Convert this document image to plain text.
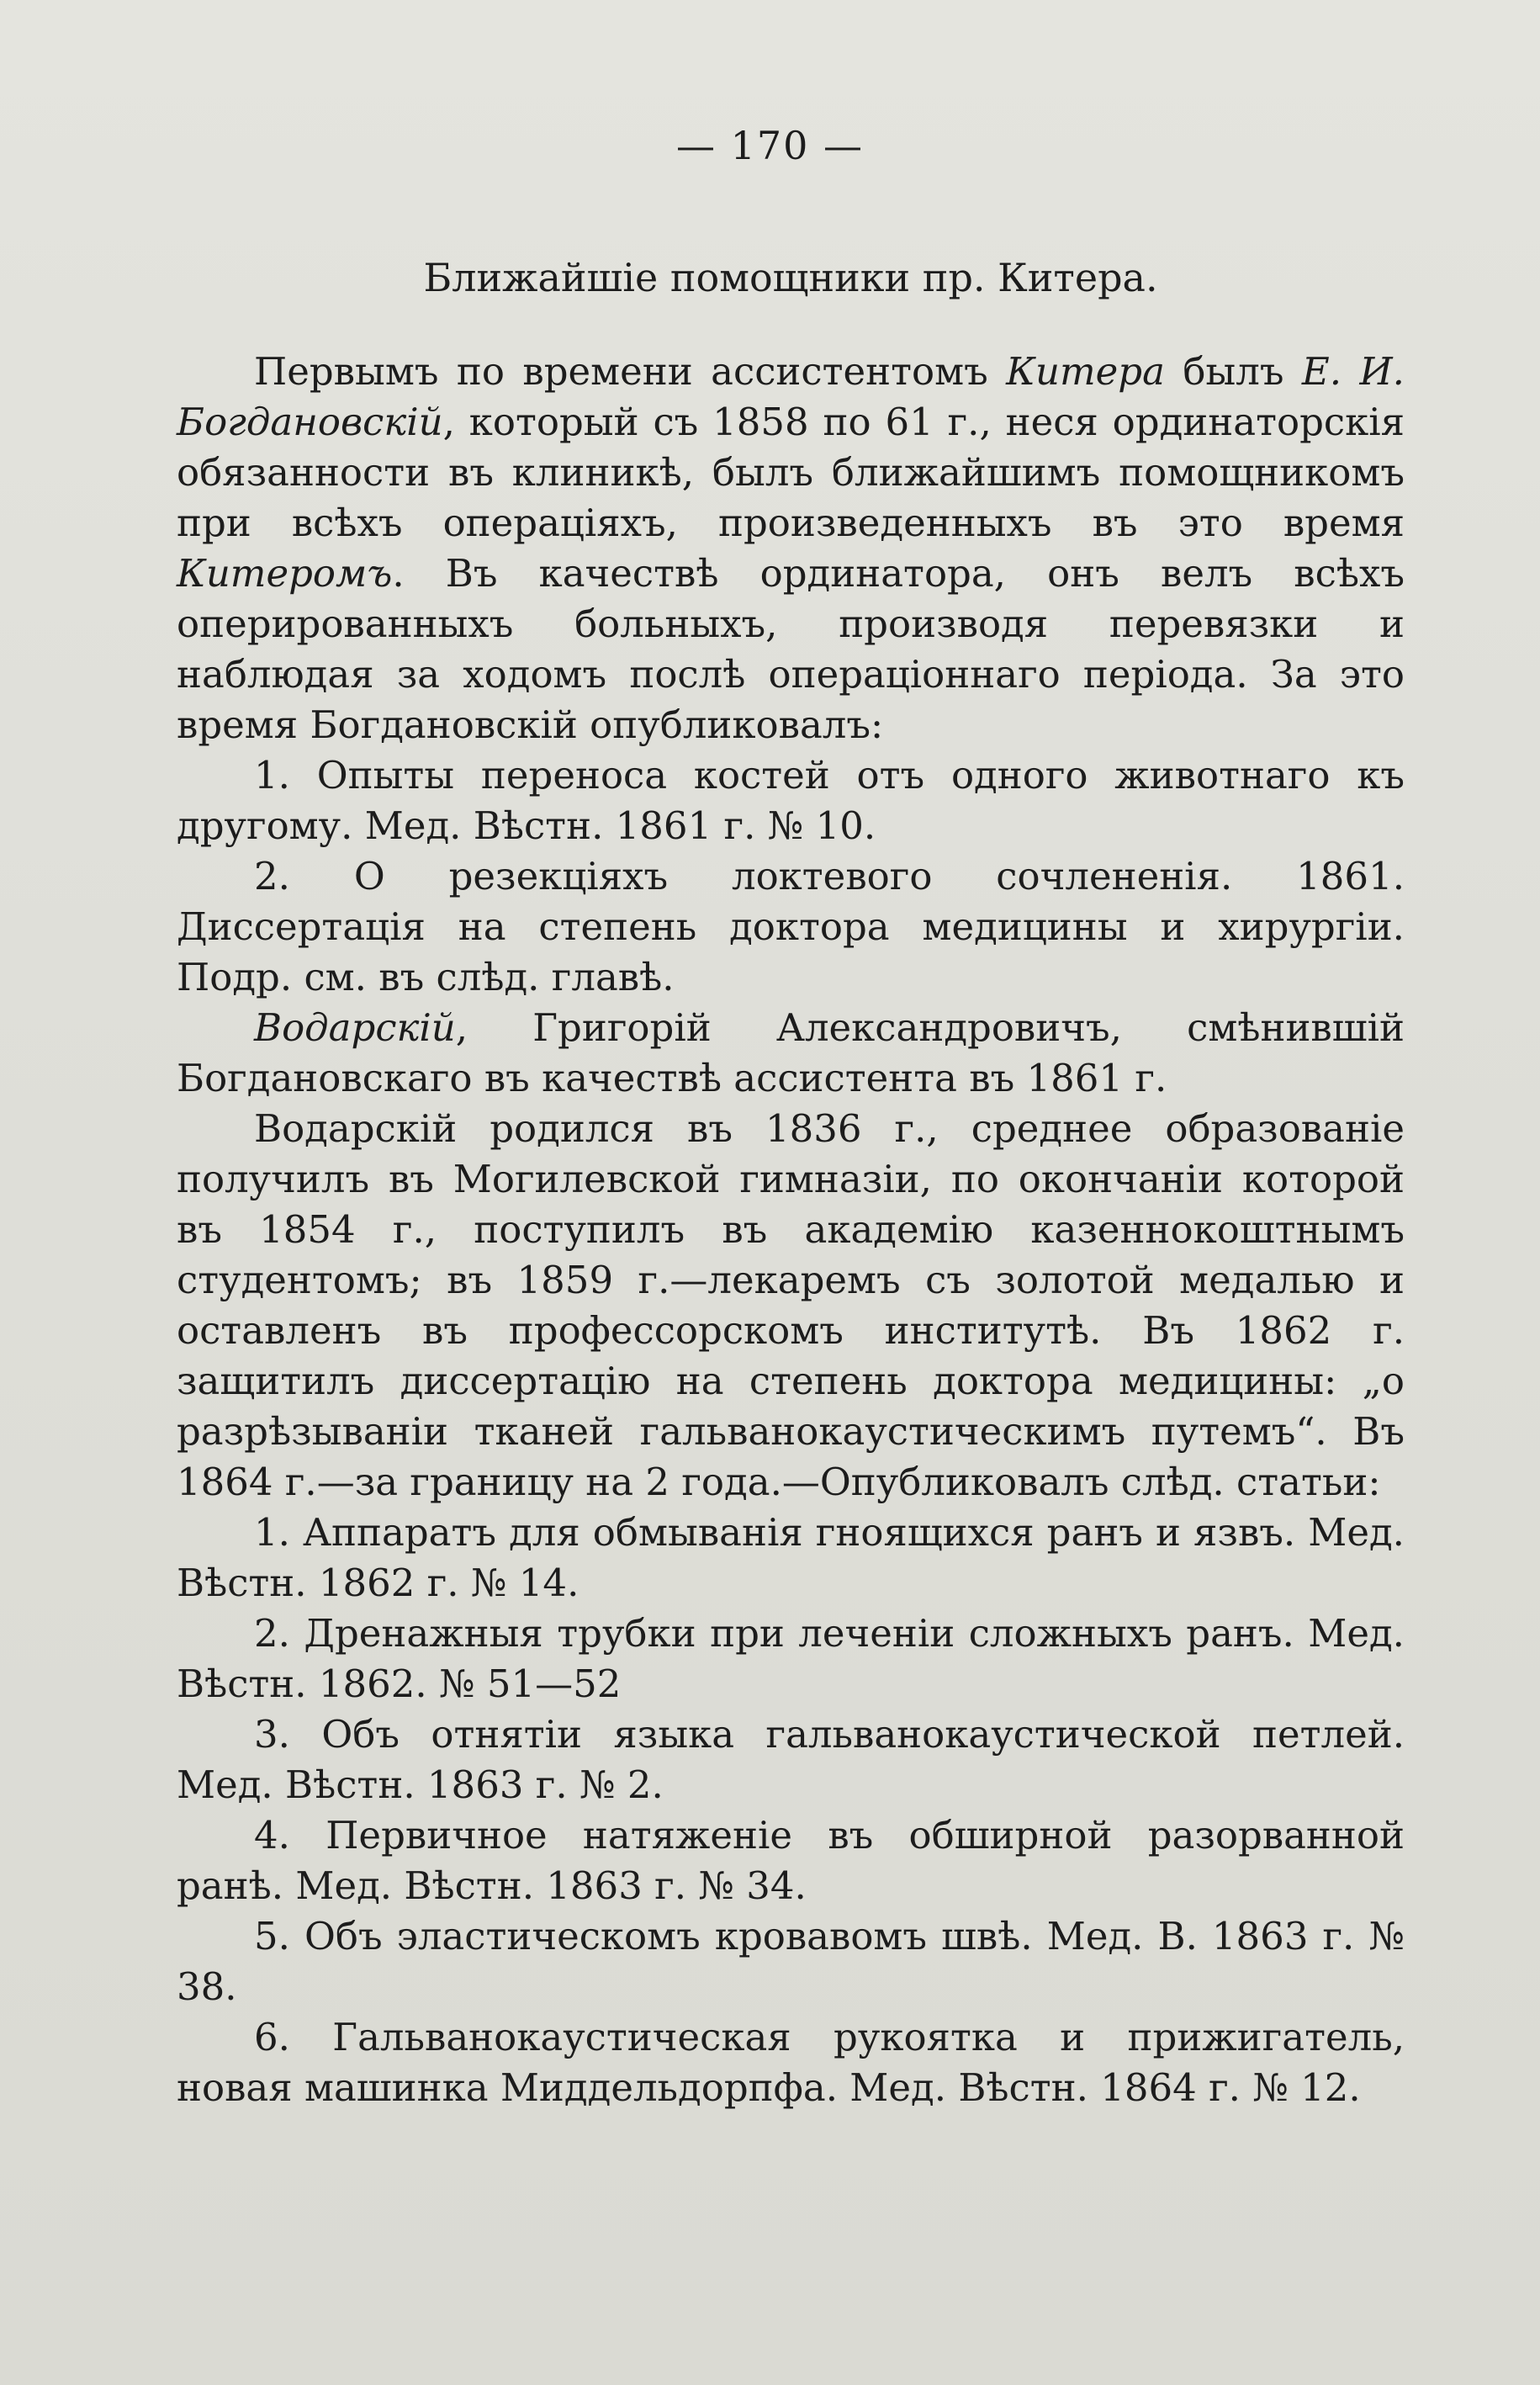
— 170 —
Ближайшіе помощники пр. Китера.

Первымъ по времени ассистентомъ Китера былъ Е. И. Богдановскій, который съ 1858 по 61 г., неся ординаторскія обязанности въ клиникѣ, былъ ближайшимъ помощникомъ при всѣхъ операціяхъ, произведенныхъ въ это время Китеромъ. Въ качествѣ ординатора, онъ велъ всѣхъ оперированныхъ больныхъ, производя перевязки и наблюдая за ходомъ послѣ операціоннаго періода. За это время Богдановскій опубликовалъ:

1. Опыты переноса костей отъ одного животнаго къ другому. Мед. Вѣстн. 1861 г. № 10.

2. О резекціяхъ локтевого сочлененія. 1861. Диссертація на степень доктора медицины и хирургіи. Подр. см. въ слѣд. главѣ.

Водарскій, Григорій Александровичъ, смѣнившій Богдановскаго въ качествѣ ассистента въ 1861 г.

Водарскій родился въ 1836 г., среднее образованіе получилъ въ Могилевской гимназіи, по окончаніи которой въ 1854 г., поступилъ въ академію казеннокоштнымъ студентомъ; въ 1859 г.—лекаремъ съ золотой медалью и оставленъ въ профессорскомъ институтѣ. Въ 1862 г. защитилъ диссертацію на степень доктора медицины: „о разрѣзываніи тканей гальванокаустическимъ путемъ“. Въ 1864 г.—за границу на 2 года.—Опубликовалъ слѣд. статьи:

1. Аппаратъ для обмыванія гноящихся ранъ и язвъ. Мед. Вѣстн. 1862 г. № 14.

2. Дренажныя трубки при леченіи сложныхъ ранъ. Мед. Вѣстн. 1862. № 51—52

3. Объ отнятіи языка гальванокаустической петлей. Мед. Вѣстн. 1863 г. № 2.

4. Первичное натяженіе въ обширной разорванной ранѣ. Мед. Вѣстн. 1863 г. № 34.

5. Объ эластическомъ кровавомъ швѣ. Мед. В. 1863 г. № 38.

6. Гальванокаустическая рукоятка и прижигатель, новая машинка Миддельдорпфа. Мед. Вѣстн. 1864 г. № 12.
